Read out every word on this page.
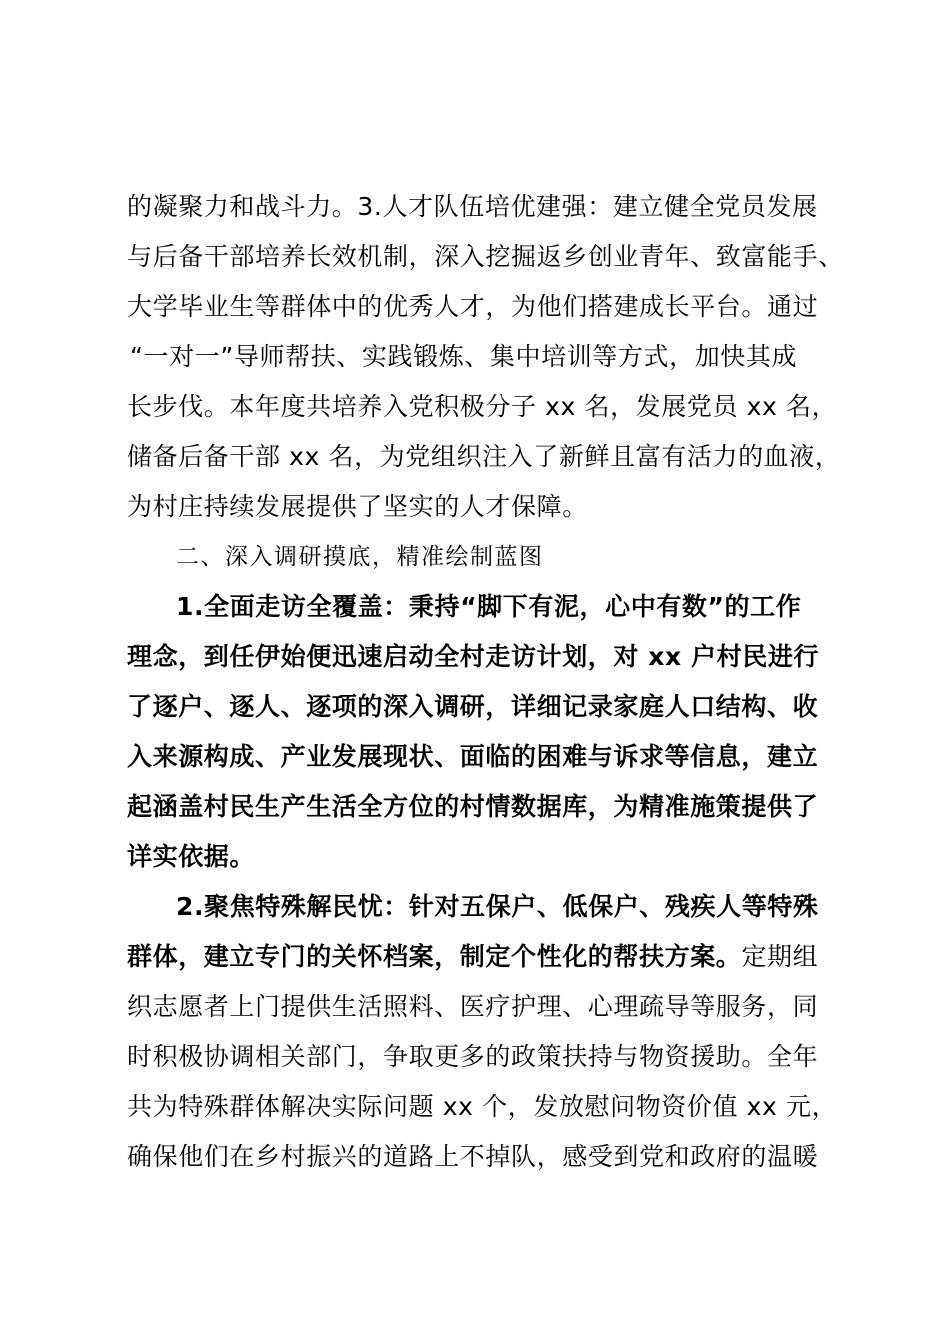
的凝聚力和战斗力。3.人才队伍培优建强：建立健全党员发展
与后备干部培养长效机制，深入挖掘返乡创业青年、致富能手、
大学毕业生等群体中的优秀人才，为他们搭建成长平台。通过
“一对一”导师帮扶、实践锻炼、集中培训等方式，加快其成
长步伐。本年度共培养入党积极分子 xx 名，发展党员 xx 名，
储备后备干部 xx 名，为党组织注入了新鲜且富有活力的血液，
为村庄持续发展提供了坚实的人才保障。
二、深入调研摸底，精准绘制蓝图
1.全面走访全覆盖：秉持“脚下有泥，心中有数”的工作
理念，到任伊始便迅速启动全村走访计划，对 xx 户村民进行
了逐户、逐人、逐项的深入调研，详细记录家庭人口结构、收
入来源构成、产业发展现状、面临的困难与诉求等信息，建立
起涵盖村民生产生活全方位的村情数据库，为精准施策提供了
详实依据。
2.聚焦特殊解民忧：针对五保户、低保户、残疾人等特殊
群体，建立专门的关怀档案，制定个性化的帮扶方案。定期组
织志愿者上门提供生活照料、医疗护理、心理疏导等服务，同
时积极协调相关部门，争取更多的政策扶持与物资援助。全年
共为特殊群体解决实际问题 xx 个，发放慰问物资价值 xx 元，
确保他们在乡村振兴的道路上不掉队，感受到党和政府的温暖
